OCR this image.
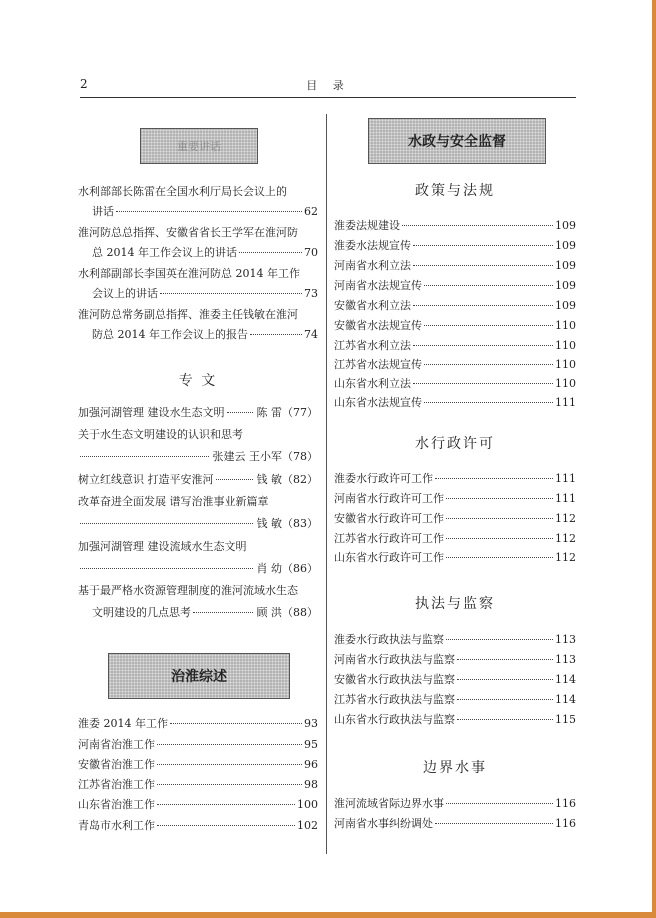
2	目 录
重要讲话
水利部部长陈雷在全国水利厅局长会议上的
讲话	62
淮河防总总指挥、安徽省省长王学军在淮河防
总 2014 年工作会议上的讲话	70
水利部副部长李国英在淮河防总 2014 年工作
会议上的讲话	73
淮河防总常务副总指挥、淮委主任钱敏在淮河
防总 2014 年工作会议上的报告	74
专 文
加强河湖管理 建设水生态文明	陈 雷（77）
关于水生态文明建设的认识和思考
张建云 王小军（78）
树立红线意识 打造平安淮河	钱 敏（82）
改革奋进全面发展 谱写治淮事业新篇章
钱 敏（83）
加强河湖管理 建设流域水生态文明
肖 幼（86）
基于最严格水资源管理制度的淮河流域水生态
文明建设的几点思考	顾 洪（88）
治淮综述
淮委 2014 年工作	93
河南省治淮工作	95
安徽省治淮工作	96
江苏省治淮工作	98
山东省治淮工作	100
青岛市水利工作	102
水政与安全监督
政策与法规
淮委法规建设	109
淮委水法规宣传	109
河南省水利立法	109
河南省水法规宣传	109
安徽省水利立法	109
安徽省水法规宣传	110
江苏省水利立法	110
江苏省水法规宣传	110
山东省水利立法	110
山东省水法规宣传	111
水行政许可
淮委水行政许可工作	111
河南省水行政许可工作	111
安徽省水行政许可工作	112
江苏省水行政许可工作	112
山东省水行政许可工作	112
执法与监察
淮委水行政执法与监察	113
河南省水行政执法与监察	113
安徽省水行政执法与监察	114
江苏省水行政执法与监察	114
山东省水行政执法与监察	115
边界水事
淮河流域省际边界水事	116
河南省水事纠纷调处	116
